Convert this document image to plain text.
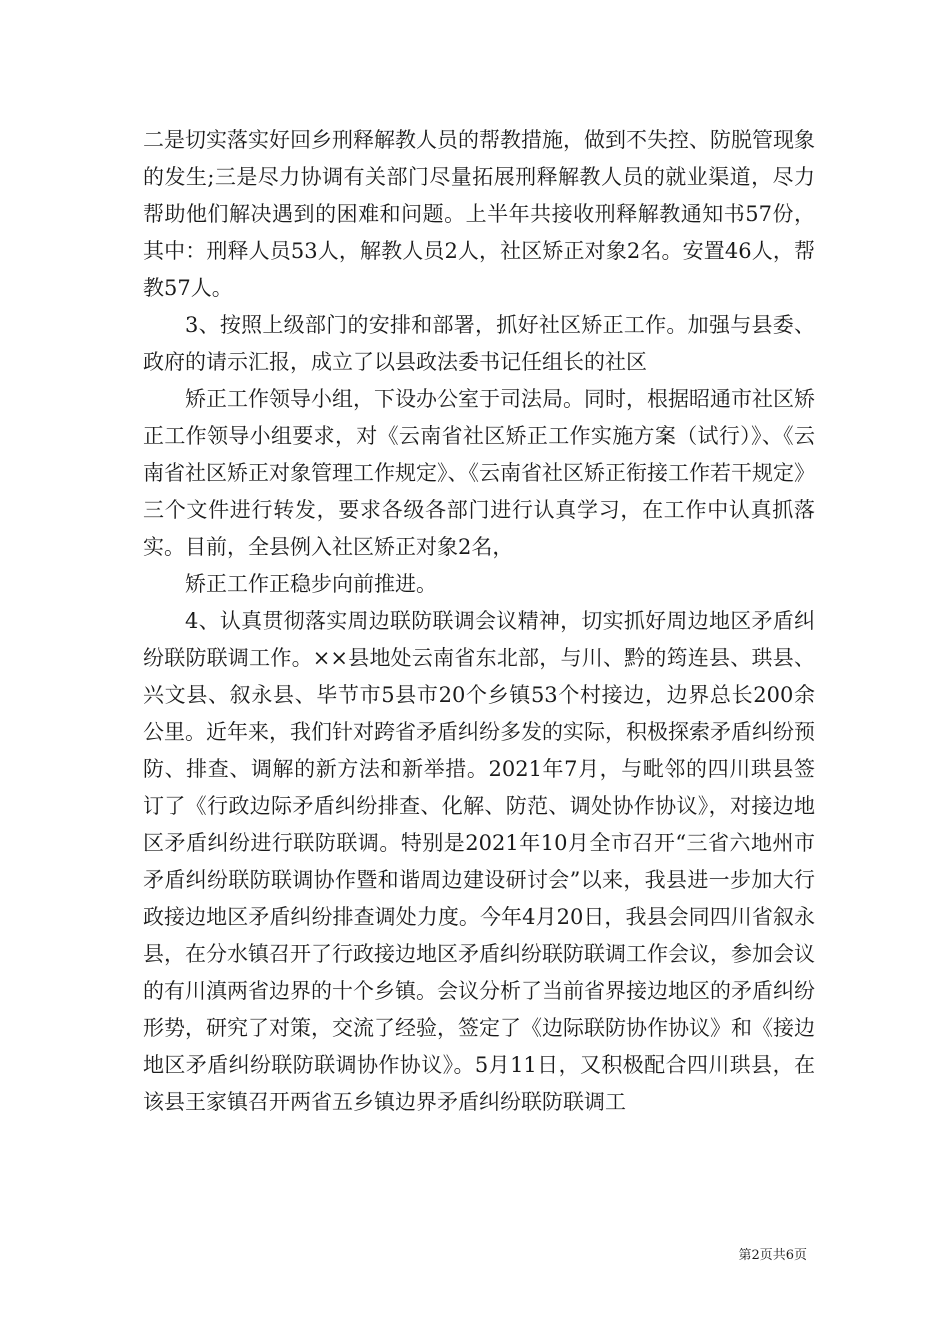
二是切实落实好回乡刑释解教人员的帮教措施，做到不失控、防脱管现象的发生;三是尽力协调有关部门尽量拓展刑释解教人员的就业渠道，尽力帮助他们解决遇到的困难和问题。上半年共接收刑释解教通知书57份，其中：刑释人员53人，解教人员2人，社区矫正对象2名。安置46人，帮教57人。

3、按照上级部门的安排和部署，抓好社区矫正工作。加强与县委、政府的请示汇报，成立了以县政法委书记任组长的社区

矫正工作领导小组，下设办公室于司法局。同时，根据昭通市社区矫正工作领导小组要求，对《云南省社区矫正工作实施方案（试行）》、《云南省社区矫正对象管理工作规定》、《云南省社区矫正衔接工作若干规定》三个文件进行转发，要求各级各部门进行认真学习，在工作中认真抓落实。目前，全县例入社区矫正对象2名，

矫正工作正稳步向前推进。

4、认真贯彻落实周边联防联调会议精神，切实抓好周边地区矛盾纠纷联防联调工作。××县地处云南省东北部，与川、黔的筠连县、珙县、兴文县、叙永县、毕节市5县市20个乡镇53个村接边，边界总长200余公里。近年来，我们针对跨省矛盾纠纷多发的实际，积极探索矛盾纠纷预防、排查、调解的新方法和新举措。2021年7月，与毗邻的四川珙县签订了《行政边际矛盾纠纷排查、化解、防范、调处协作协议》，对接边地区矛盾纠纷进行联防联调。特别是2021年10月全市召开“三省六地州市矛盾纠纷联防联调协作暨和谐周边建设研讨会”以来，我县进一步加大行政接边地区矛盾纠纷排查调处力度。今年4月20日，我县会同四川省叙永县，在分水镇召开了行政接边地区矛盾纠纷联防联调工作会议，参加会议的有川滇两省边界的十个乡镇。会议分析了当前省界接边地区的矛盾纠纷形势，研究了对策，交流了经验，签定了《边际联防协作协议》和《接边地区矛盾纠纷联防联调协作协议》。5月11日，又积极配合四川珙县，在该县王家镇召开两省五乡镇边界矛盾纠纷联防联调工

第2页共6页
